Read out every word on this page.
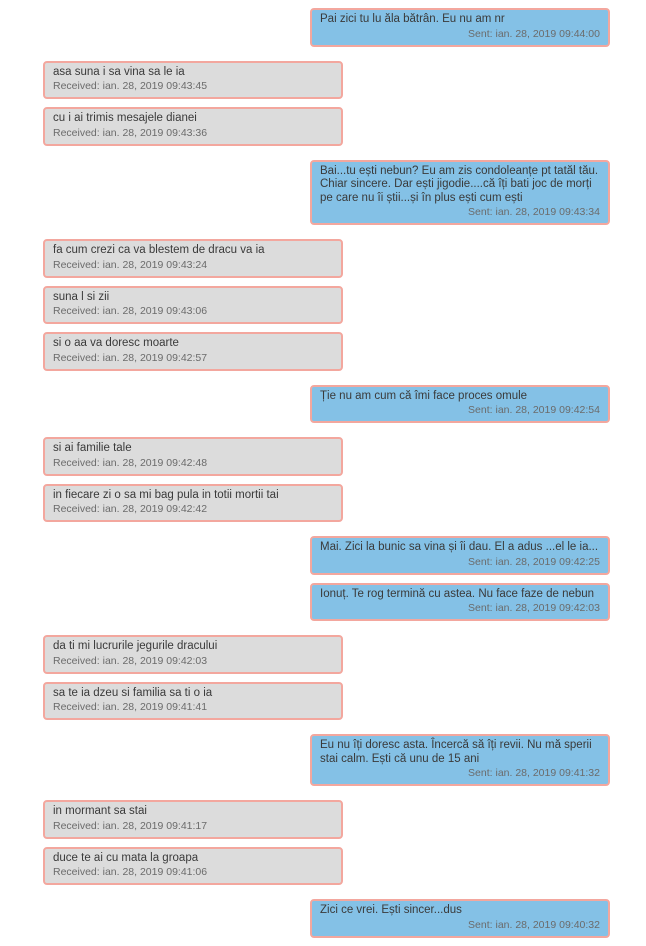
Pai zici tu lu ăla bătrân. Eu nu am nr
Sent: ian. 28, 2019 09:44:00
asa suna i sa vina sa le ia
Received: ian. 28, 2019 09:43:45
cu i ai trimis mesajele dianei
Received: ian. 28, 2019 09:43:36
Bai...tu ești nebun? Eu am zis condoleanțe pt tatăl tău. Chiar sincere. Dar ești jigodie....că îți bati joc de morți pe care nu îi știi...și în plus ești cum ești
Sent: ian. 28, 2019 09:43:34
fa cum crezi ca va blestem de dracu va ia
Received: ian. 28, 2019 09:43:24
suna l si zii
Received: ian. 28, 2019 09:43:06
si o aa va doresc moarte
Received: ian. 28, 2019 09:42:57
Ție nu am cum că îmi face proces omule
Sent: ian. 28, 2019 09:42:54
si ai familie tale
Received: ian. 28, 2019 09:42:48
in fiecare zi o sa mi bag pula in totii mortii tai
Received: ian. 28, 2019 09:42:42
Mai. Zici la bunic sa vina și îi dau. El a adus ...el le ia...
Sent: ian. 28, 2019 09:42:25
Ionuț. Te rog termină cu astea. Nu face faze de nebun
Sent: ian. 28, 2019 09:42:03
da ti mi lucrurile jegurile dracului
Received: ian. 28, 2019 09:42:03
sa te ia dzeu si familia sa ti o ia
Received: ian. 28, 2019 09:41:41
Eu nu îți doresc asta. Încercă să îți revii. Nu mă sperii stai calm. Ești că unu de 15 ani
Sent: ian. 28, 2019 09:41:32
in mormant sa stai
Received: ian. 28, 2019 09:41:17
duce te ai cu mata la groapa
Received: ian. 28, 2019 09:41:06
Zici ce vrei. Ești sincer...dus
Sent: ian. 28, 2019 09:40:32
